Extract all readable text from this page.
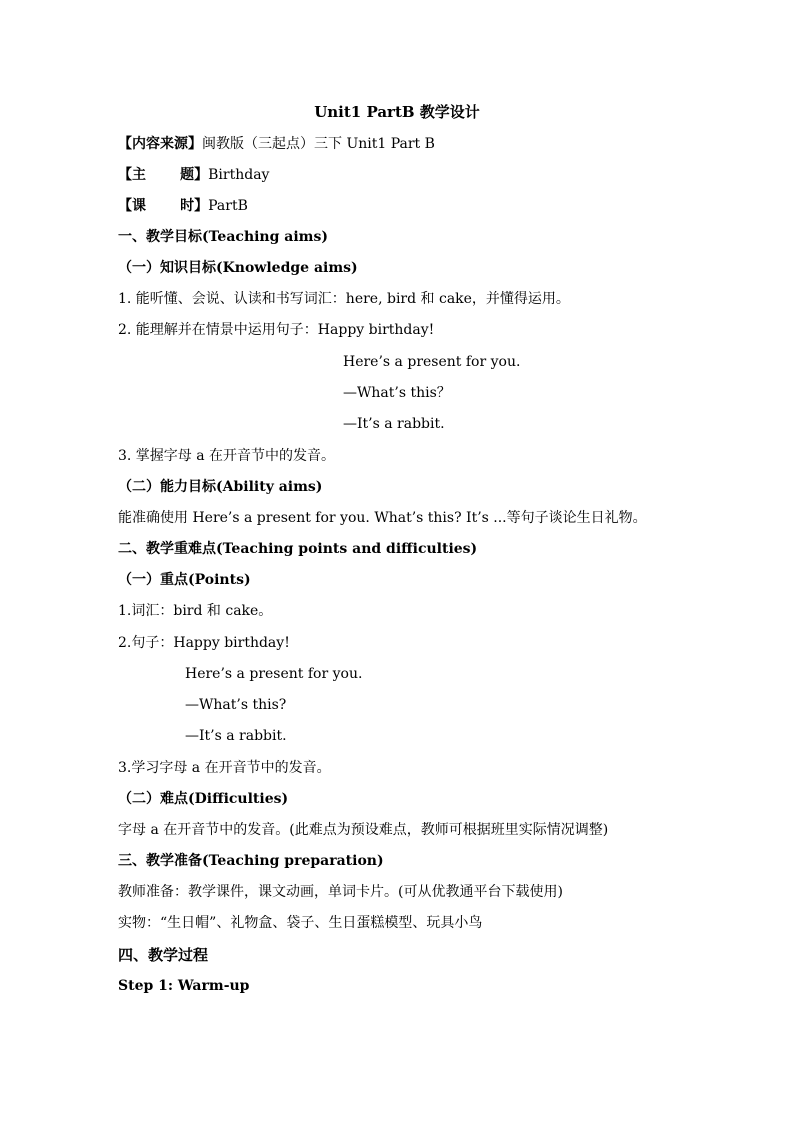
Unit1 PartB 教学设计
【内容来源】闽教版（三起点）三下 Unit1 Part B
【主       题】Birthday
【课       时】PartB
一、教学目标(Teaching aims)
（一）知识目标(Knowledge aims)
1. 能听懂、会说、认读和书写词汇：here, bird 和 cake，并懂得运用。
2. 能理解并在情景中运用句子：Happy birthday!
Here’s a present for you.
—What’s this？
—It’s a rabbit.
3. 掌握字母 a 在开音节中的发音。
（二）能力目标(Ability aims)
能准确使用 Here’s a present for you. What’s this? It’s ...等句子谈论生日礼物。
二、教学重难点(Teaching points and difficulties)
（一）重点(Points)
1.词汇：bird 和 cake。
2.句子：Happy birthday!
Here’s a present for you.
—What’s this?
—It’s a rabbit.
3.学习字母 a 在开音节中的发音。
（二）难点(Difficulties)
字母 a 在开音节中的发音。(此难点为预设难点，教师可根据班里实际情况调整)
三、教学准备(Teaching preparation)
教师准备：教学课件，课文动画，单词卡片。(可从优教通平台下载使用)
实物：“生日帽”、礼物盒、袋子、生日蛋糕模型、玩具小鸟
四、教学过程
Step 1: Warm-up
